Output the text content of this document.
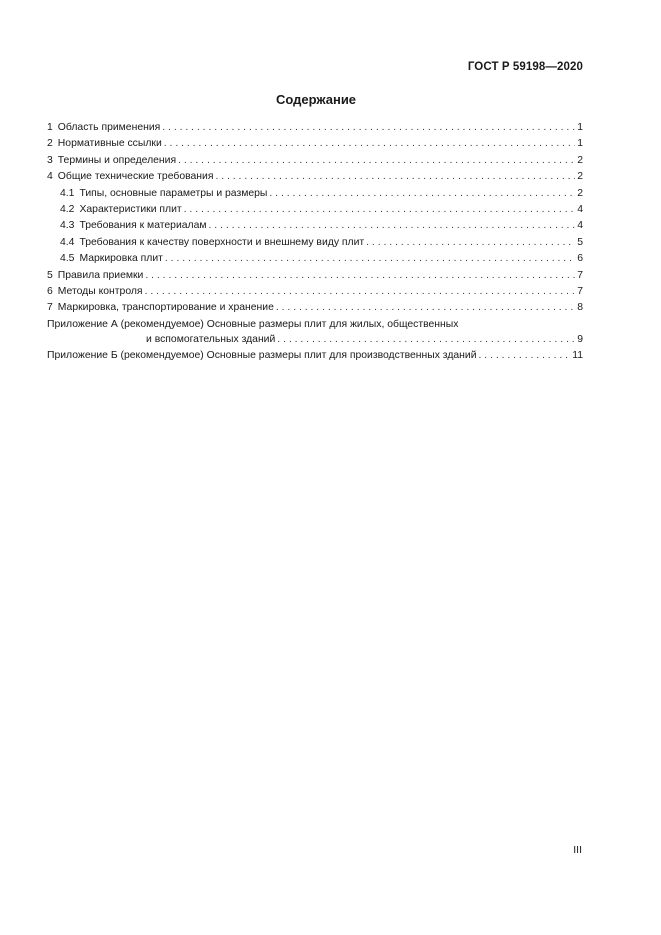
ГОСТ Р 59198—2020
Содержание
1 Область применения . . .	1
2 Нормативные ссылки . . .	1
3 Термины и определения . . .	2
4 Общие технические требования . . .	2
4.1 Типы, основные параметры и размеры . . .	2
4.2 Характеристики плит . . .	4
4.3 Требования к материалам . . .	4
4.4 Требования к качеству поверхности и внешнему виду плит . . .	5
4.5 Маркировка плит . . .	6
5 Правила приемки . . .	7
6 Методы контроля . . .	7
7 Маркировка, транспортирование и хранение . . .	8
Приложение А (рекомендуемое) Основные размеры плит для жилых, общественных
и вспомогательных зданий . . .	9
Приложение Б (рекомендуемое) Основные размеры плит для производственных зданий . . .	11
III
